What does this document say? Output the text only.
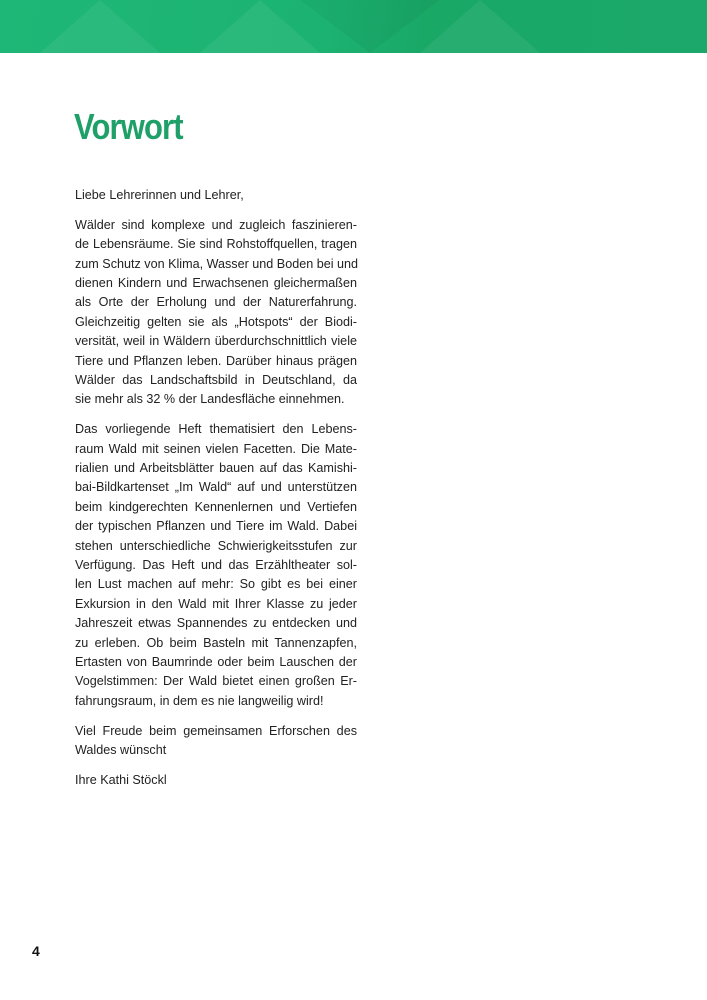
Vorwort
Liebe Lehrerinnen und Lehrer,
Wälder sind komplexe und zugleich faszinieren-
de Lebensräume. Sie sind Rohstoffquellen, tragen
zum Schutz von Klima, Wasser und Boden bei und
dienen Kindern und Erwachsenen gleichermaßen
als Orte der Erholung und der Naturerfahrung.
Gleichzeitig gelten sie als „Hotspots“ der Biodi-
versität, weil in Wäldern überdurchschnittlich viele
Tiere und Pflanzen leben. Darüber hinaus prägen
Wälder das Landschaftsbild in Deutschland, da
sie mehr als 32 % der Landesfläche einnehmen.
Das vorliegende Heft thematisiert den Lebens-
raum Wald mit seinen vielen Facetten. Die Mate-
rialien und Arbeitsblätter bauen auf das Kamishi-
bai-Bildkartenset „Im Wald“ auf und unterstützen
beim kindgerechten Kennenlernen und Vertiefen
der typischen Pflanzen und Tiere im Wald. Dabei
stehen unterschiedliche Schwierigkeitsstufen zur
Verfügung. Das Heft und das Erzähltheater sol-
len Lust machen auf mehr: So gibt es bei einer
Exkursion in den Wald mit Ihrer Klasse zu jeder
Jahreszeit etwas Spannendes zu entdecken und
zu erleben. Ob beim Basteln mit Tannenzapfen,
Ertasten von Baumrinde oder beim Lauschen der
Vogelstimmen: Der Wald bietet einen großen Er-
fahrungsraum, in dem es nie langweilig wird!
Viel Freude beim gemeinsamen Erforschen des
Waldes wünscht
Ihre Kathi Stöckl
4
